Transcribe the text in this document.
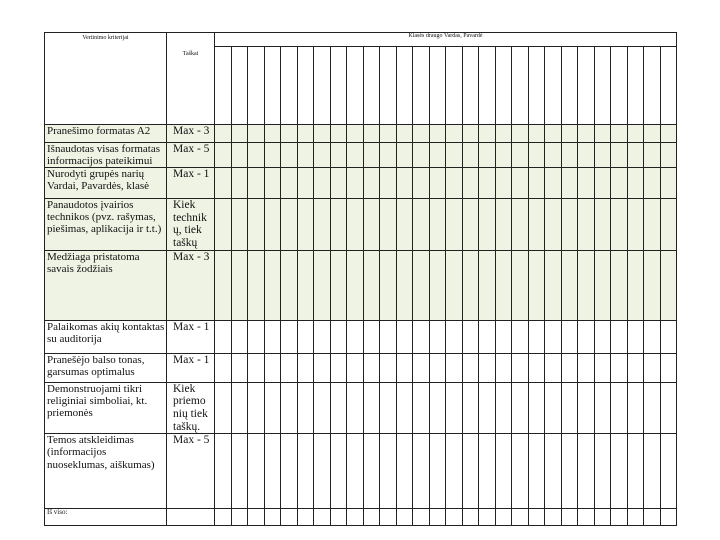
Vertinimo kriterijai	Taškai	Klasės draugo Vardas, Pavardė																											

Pranešimo formatas A2	Max - 3																												
Išnaudotas visas formatas informacijos pateikimui	Max - 5																												
Nurodyti grupės narių Vardai, Pavardės, klasė	Max - 1																												
Panaudotos įvairios technikos (pvz. rašymas, piešimas, aplikacija ir t.t.)	Kiek technik ų, tiek taškų																												
Medžiaga pristatoma savais žodžiais	Max - 3																												
Palaikomas akių kontaktas su auditorija	Max - 1																												
Pranešėjo balso tonas, garsumas optimalus	Max - 1																												
Demonstruojami tikri religiniai simboliai, kt. priemonės	Kiek priemo nių tiek taškų.																												
Temos atskleidimas (informacijos nuoseklumas, aiškumas)	Max - 5																												
Iš viso:																													
